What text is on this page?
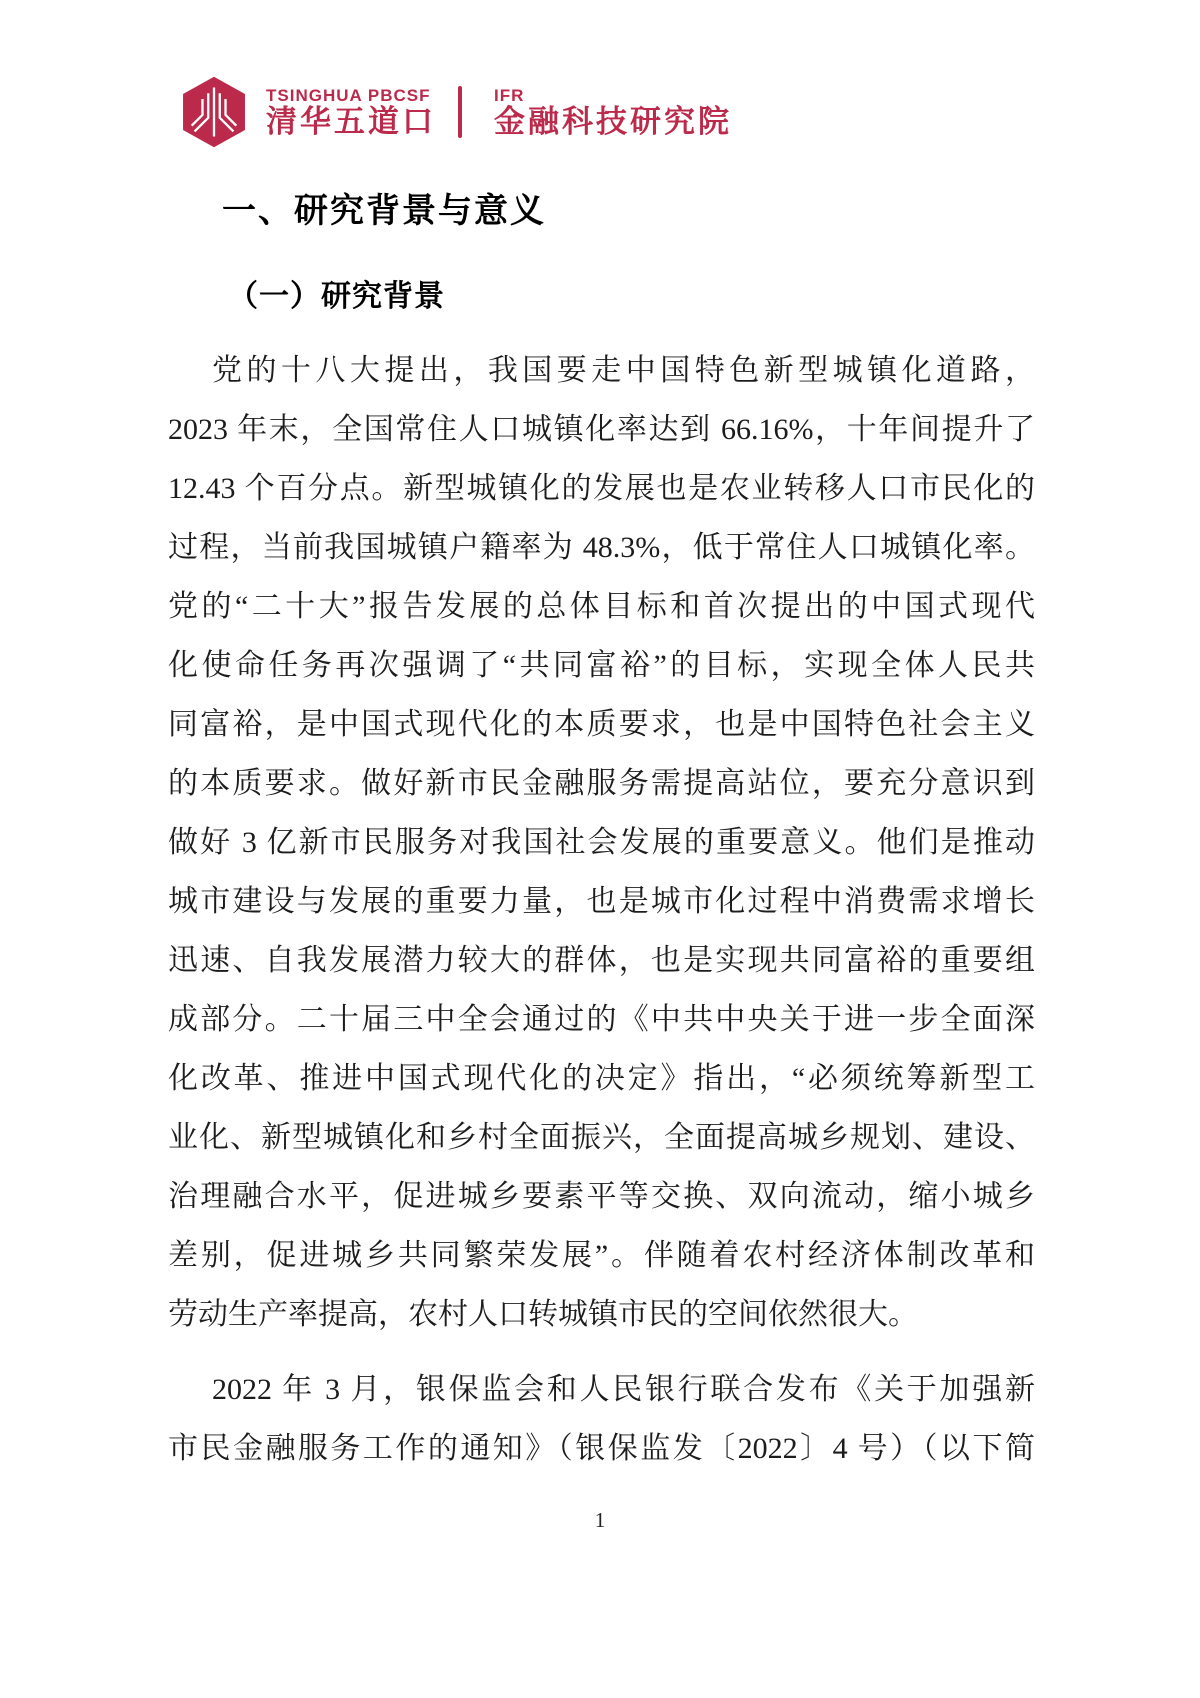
TSINGHUA PBCSF
清华五道口
IFR
金融科技研究院
一、研究背景与意义
（一）研究背景
党的十八大提出，我国要走中国特色新型城镇化道路，
2023 年末，全国常住人口城镇化率达到 66.16%，十年间提升了
12.43 个百分点。新型城镇化的发展也是农业转移人口市民化的
过程，当前我国城镇户籍率为 48.3%，低于常住人口城镇化率。
党的“二十大”报告发展的总体目标和首次提出的中国式现代
化使命任务再次强调了“共同富裕”的目标，实现全体人民共
同富裕，是中国式现代化的本质要求，也是中国特色社会主义
的本质要求。做好新市民金融服务需提高站位，要充分意识到
做好 3 亿新市民服务对我国社会发展的重要意义。他们是推动
城市建设与发展的重要力量，也是城市化过程中消费需求增长
迅速、自我发展潜力较大的群体，也是实现共同富裕的重要组
成部分。二十届三中全会通过的《中共中央关于进一步全面深
化改革、推进中国式现代化的决定》指出，“必须统筹新型工
业化、新型城镇化和乡村全面振兴，全面提高城乡规划、建设、
治理融合水平，促进城乡要素平等交换、双向流动，缩小城乡
差别，促进城乡共同繁荣发展”。伴随着农村经济体制改革和
劳动生产率提高，农村人口转城镇市民的空间依然很大。
2022 年 3 月，银保监会和人民银行联合发布《关于加强新
市民金融服务工作的通知》（银保监发〔2022〕4 号）（以下简
1
